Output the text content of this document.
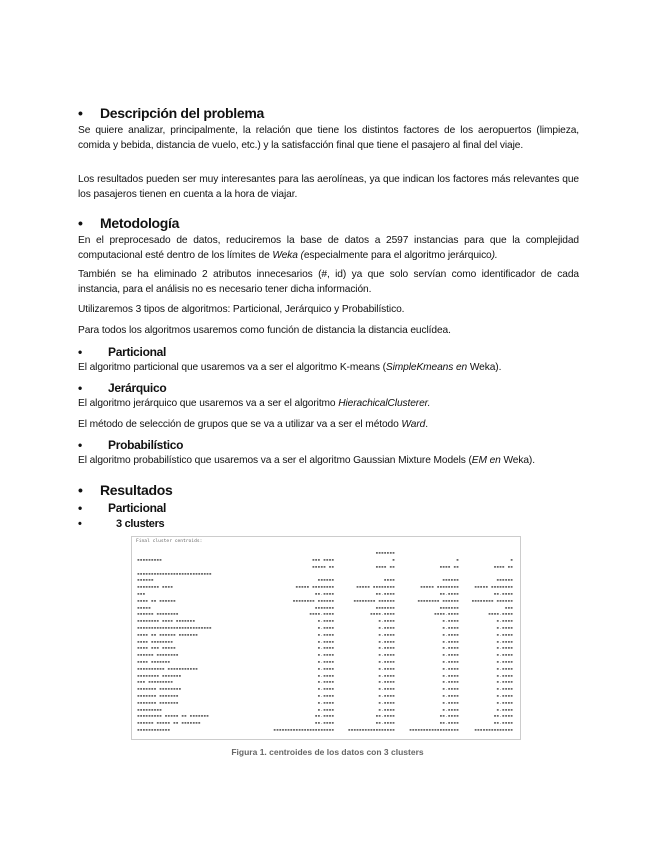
• Descripción del problema
Se quiere analizar, principalmente, la relación que tiene los distintos factores de los aeropuertos (limpieza, comida y bebida, distancia de vuelo, etc.) y la satisfacción final que tiene el pasajero al final del viaje.
Los resultados pueden ser muy interesantes para las aerolíneas, ya que indican los factores más relevantes que los pasajeros tienen en cuenta a la hora de viajar.
• Metodología
En el preprocesado de datos, reduciremos la base de datos a 2597 instancias para que la complejidad computacional esté dentro de los límites de Weka (especialmente para el algoritmo jerárquico).
También se ha eliminado 2 atributos innecesarios (#, id) ya que solo servían como identificador de cada instancia, para el análisis no es necesario tener dicha información.
Utilizaremos 3 tipos de algoritmos: Particional, Jerárquico y Probabilístico.
Para todos los algoritmos usaremos como función de distancia la distancia euclídea.
• Particional
El algoritmo particional que usaremos va a ser el algoritmo K-means (SimpleKmeans en Weka).
• Jerárquico
El algoritmo jerárquico que usaremos va a ser el algoritmo HierachicalClusterer.
El método de selección de grupos que se va a utilizar va a ser el método Ward.
• Probabilístico
El algoritmo probabilístico que usaremos va a ser el algoritmo Gaussian Mixture Models (EM en Weka).
• Resultados
• Particional
•	3 clusters
Final cluster centroids:
		▪▪▪▪▪▪▪		
▪▪▪▪▪▪▪▪▪	▪▪▪ ▪▪▪▪	▪	▪	▪
	▪▪▪▪▪ ▪▪	▪▪▪▪ ▪▪	▪▪▪▪ ▪▪	▪▪▪▪ ▪▪
▪▪▪▪▪▪▪▪▪▪▪▪▪▪▪▪▪▪▪▪▪▪▪▪▪▪▪				
▪▪▪▪▪▪	▪▪▪▪▪▪	▪▪▪▪	▪▪▪▪▪▪	▪▪▪▪▪▪
▪▪▪▪▪▪▪▪ ▪▪▪▪	▪▪▪▪▪ ▪▪▪▪▪▪▪▪	▪▪▪▪▪ ▪▪▪▪▪▪▪▪	▪▪▪▪▪ ▪▪▪▪▪▪▪▪	▪▪▪▪▪ ▪▪▪▪▪▪▪▪
▪▪▪	▪▪.▪▪▪▪	▪▪.▪▪▪▪	▪▪.▪▪▪▪	▪▪.▪▪▪▪
▪▪▪▪ ▪▪ ▪▪▪▪▪▪	▪▪▪▪▪▪▪▪ ▪▪▪▪▪▪	▪▪▪▪▪▪▪▪ ▪▪▪▪▪▪	▪▪▪▪▪▪▪▪ ▪▪▪▪▪▪	▪▪▪▪▪▪▪▪ ▪▪▪▪▪▪
▪▪▪▪▪	▪▪▪▪▪▪▪	▪▪▪▪▪▪▪	▪▪▪▪▪▪▪	▪▪▪
▪▪▪▪▪▪ ▪▪▪▪▪▪▪▪	▪▪▪▪.▪▪▪▪	▪▪▪▪.▪▪▪▪	▪▪▪▪.▪▪▪▪	▪▪▪▪.▪▪▪▪
▪▪▪▪▪▪▪▪ ▪▪▪▪ ▪▪▪▪▪▪▪	▪.▪▪▪▪	▪.▪▪▪▪	▪.▪▪▪▪	▪.▪▪▪▪
▪▪▪▪▪▪▪▪▪▪▪▪▪▪▪▪▪▪▪▪▪▪▪▪▪▪▪	▪.▪▪▪▪	▪.▪▪▪▪	▪.▪▪▪▪	▪.▪▪▪▪
▪▪▪▪ ▪▪ ▪▪▪▪▪▪ ▪▪▪▪▪▪▪	▪.▪▪▪▪	▪.▪▪▪▪	▪.▪▪▪▪	▪.▪▪▪▪
▪▪▪▪ ▪▪▪▪▪▪▪▪	▪.▪▪▪▪	▪.▪▪▪▪	▪.▪▪▪▪	▪.▪▪▪▪
▪▪▪▪ ▪▪▪ ▪▪▪▪▪	▪.▪▪▪▪	▪.▪▪▪▪	▪.▪▪▪▪	▪.▪▪▪▪
▪▪▪▪▪▪ ▪▪▪▪▪▪▪▪	▪.▪▪▪▪	▪.▪▪▪▪	▪.▪▪▪▪	▪.▪▪▪▪
▪▪▪▪ ▪▪▪▪▪▪▪	▪.▪▪▪▪	▪.▪▪▪▪	▪.▪▪▪▪	▪.▪▪▪▪
▪▪▪▪▪▪▪▪▪▪ ▪▪▪▪▪▪▪▪▪▪▪	▪.▪▪▪▪	▪.▪▪▪▪	▪.▪▪▪▪	▪.▪▪▪▪
▪▪▪▪▪▪▪▪ ▪▪▪▪▪▪▪	▪.▪▪▪▪	▪.▪▪▪▪	▪.▪▪▪▪	▪.▪▪▪▪
▪▪▪ ▪▪▪▪▪▪▪▪▪	▪.▪▪▪▪	▪.▪▪▪▪	▪.▪▪▪▪	▪.▪▪▪▪
▪▪▪▪▪▪▪ ▪▪▪▪▪▪▪▪	▪.▪▪▪▪	▪.▪▪▪▪	▪.▪▪▪▪	▪.▪▪▪▪
▪▪▪▪▪▪▪ ▪▪▪▪▪▪▪	▪.▪▪▪▪	▪.▪▪▪▪	▪.▪▪▪▪	▪.▪▪▪▪
▪▪▪▪▪▪▪ ▪▪▪▪▪▪▪	▪.▪▪▪▪	▪.▪▪▪▪	▪.▪▪▪▪	▪.▪▪▪▪
▪▪▪▪▪▪▪▪▪	▪.▪▪▪▪	▪.▪▪▪▪	▪.▪▪▪▪	▪.▪▪▪▪
▪▪▪▪▪▪▪▪▪ ▪▪▪▪▪ ▪▪ ▪▪▪▪▪▪▪	▪▪.▪▪▪▪	▪▪.▪▪▪▪	▪▪.▪▪▪▪	▪▪.▪▪▪▪
▪▪▪▪▪▪ ▪▪▪▪▪ ▪▪ ▪▪▪▪▪▪▪	▪▪.▪▪▪▪	▪▪.▪▪▪▪	▪▪.▪▪▪▪	▪▪.▪▪▪▪
▪▪▪▪▪▪▪▪▪▪▪▪	▪▪▪▪▪▪▪▪▪▪▪▪▪▪▪▪▪▪▪▪▪▪	▪▪▪▪▪▪▪▪▪▪▪▪▪▪▪▪▪	▪▪▪▪▪▪▪▪▪▪▪▪▪▪▪▪▪▪	▪▪▪▪▪▪▪▪▪▪▪▪▪▪
Figura 1. centroides de los datos con 3 clusters
